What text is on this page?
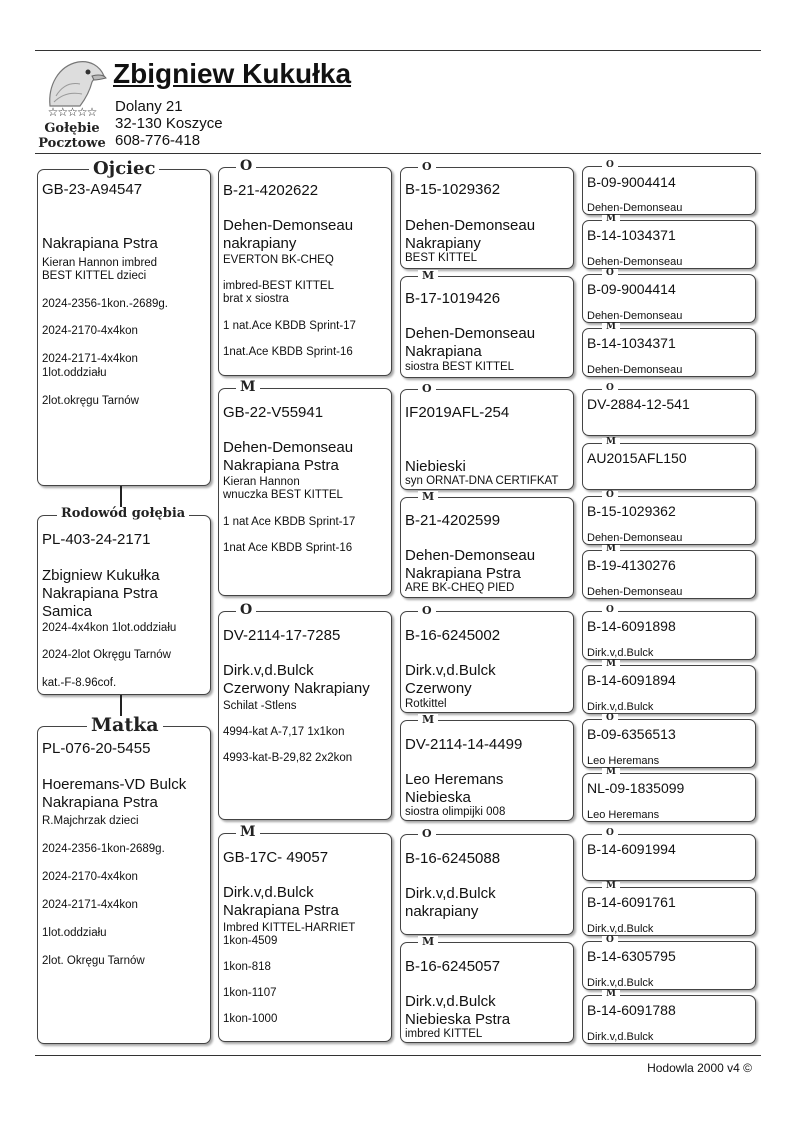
☆☆☆☆☆
Gołębie
Pocztowe
Zbigniew Kukułka
Dolany 21
32-130 Koszyce
608-776-418
GB-23-A94547
Nakrapiana Pstra
Kieran Hannon imbred
BEST KITTEL dzieci
2024-2356-1kon.-2689g.
2024-2170-4x4kon
2024-2171-4x4kon
1lot.oddziału
2lot.okręgu Tarnów
Ojciec
PL-403-24-2171
Zbigniew Kukułka
Nakrapiana Pstra
Samica
2024-4x4kon 1lot.oddziału
2024-2lot Okręgu Tarnów
kat.-F-8.96cof.
Rodowód gołębia
PL-076-20-5455
Hoeremans-VD Bulck
Nakrapiana Pstra
R.Majchrzak dzieci
2024-2356-1kon-2689g.
2024-2170-4x4kon
2024-2171-4x4kon
1lot.oddziału
2lot. Okręgu Tarnów
Matka
B-21-4202622
Dehen-Demonseau
nakrapiany
EVERTON BK-CHEQ
imbred-BEST KITTEL
brat x siostra
1 nat.Ace KBDB Sprint-17
1nat.Ace KBDB Sprint-16
O
GB-22-V55941
Dehen-Demonseau
Nakrapiana Pstra
Kieran Hannon
wnuczka BEST KITTEL
1 nat Ace KBDB Sprint-17
1nat Ace KBDB Sprint-16
M
DV-2114-17-7285
Dirk.v,d.Bulck
Czerwony Nakrapiany
Schilat -Stlens
4994-kat A-7,17 1x1kon
4993-kat-B-29,82 2x2kon
O
GB-17C- 49057
Dirk.v,d.Bulck
Nakrapiana Pstra
Imbred KITTEL-HARRIET
1kon-4509
1kon-818
1kon-1107
1kon-1000
M
B-15-1029362
Dehen-Demonseau
Nakrapiany
BEST KITTEL
O
B-17-1019426
Dehen-Demonseau
Nakrapiana
siostra BEST KITTEL
M
IF2019AFL-254
Niebieski
syn ORNAT-DNA CERTIFKAT
O
B-21-4202599
Dehen-Demonseau
Nakrapiana Pstra
ARE BK-CHEQ PIED
M
B-16-6245002
Dirk.v,d.Bulck
Czerwony
Rotkittel
O
DV-2114-14-4499
Leo Heremans
Niebieska
siostra olimpijki 008
M
B-16-6245088
Dirk.v,d.Bulck
nakrapiany
O
B-16-6245057
Dirk.v,d.Bulck
Niebieska Pstra
imbred KITTEL
M
B-09-9004414
Dehen-Demonseau
O
B-14-1034371
Dehen-Demonseau
M
B-09-9004414
Dehen-Demonseau
O
B-14-1034371
Dehen-Demonseau
M
DV-2884-12-541
O
AU2015AFL150
M
B-15-1029362
Dehen-Demonseau
O
B-19-4130276
Dehen-Demonseau
M
B-14-6091898
Dirk.v,d.Bulck
O
B-14-6091894
Dirk.v,d.Bulck
M
B-09-6356513
Leo Heremans
O
NL-09-1835099
Leo Heremans
M
B-14-6091994
O
B-14-6091761
Dirk.v,d.Bulck
M
B-14-6305795
Dirk.v,d.Bulck
O
B-14-6091788
Dirk.v,d.Bulck
M
Hodowla 2000 v4 ©
